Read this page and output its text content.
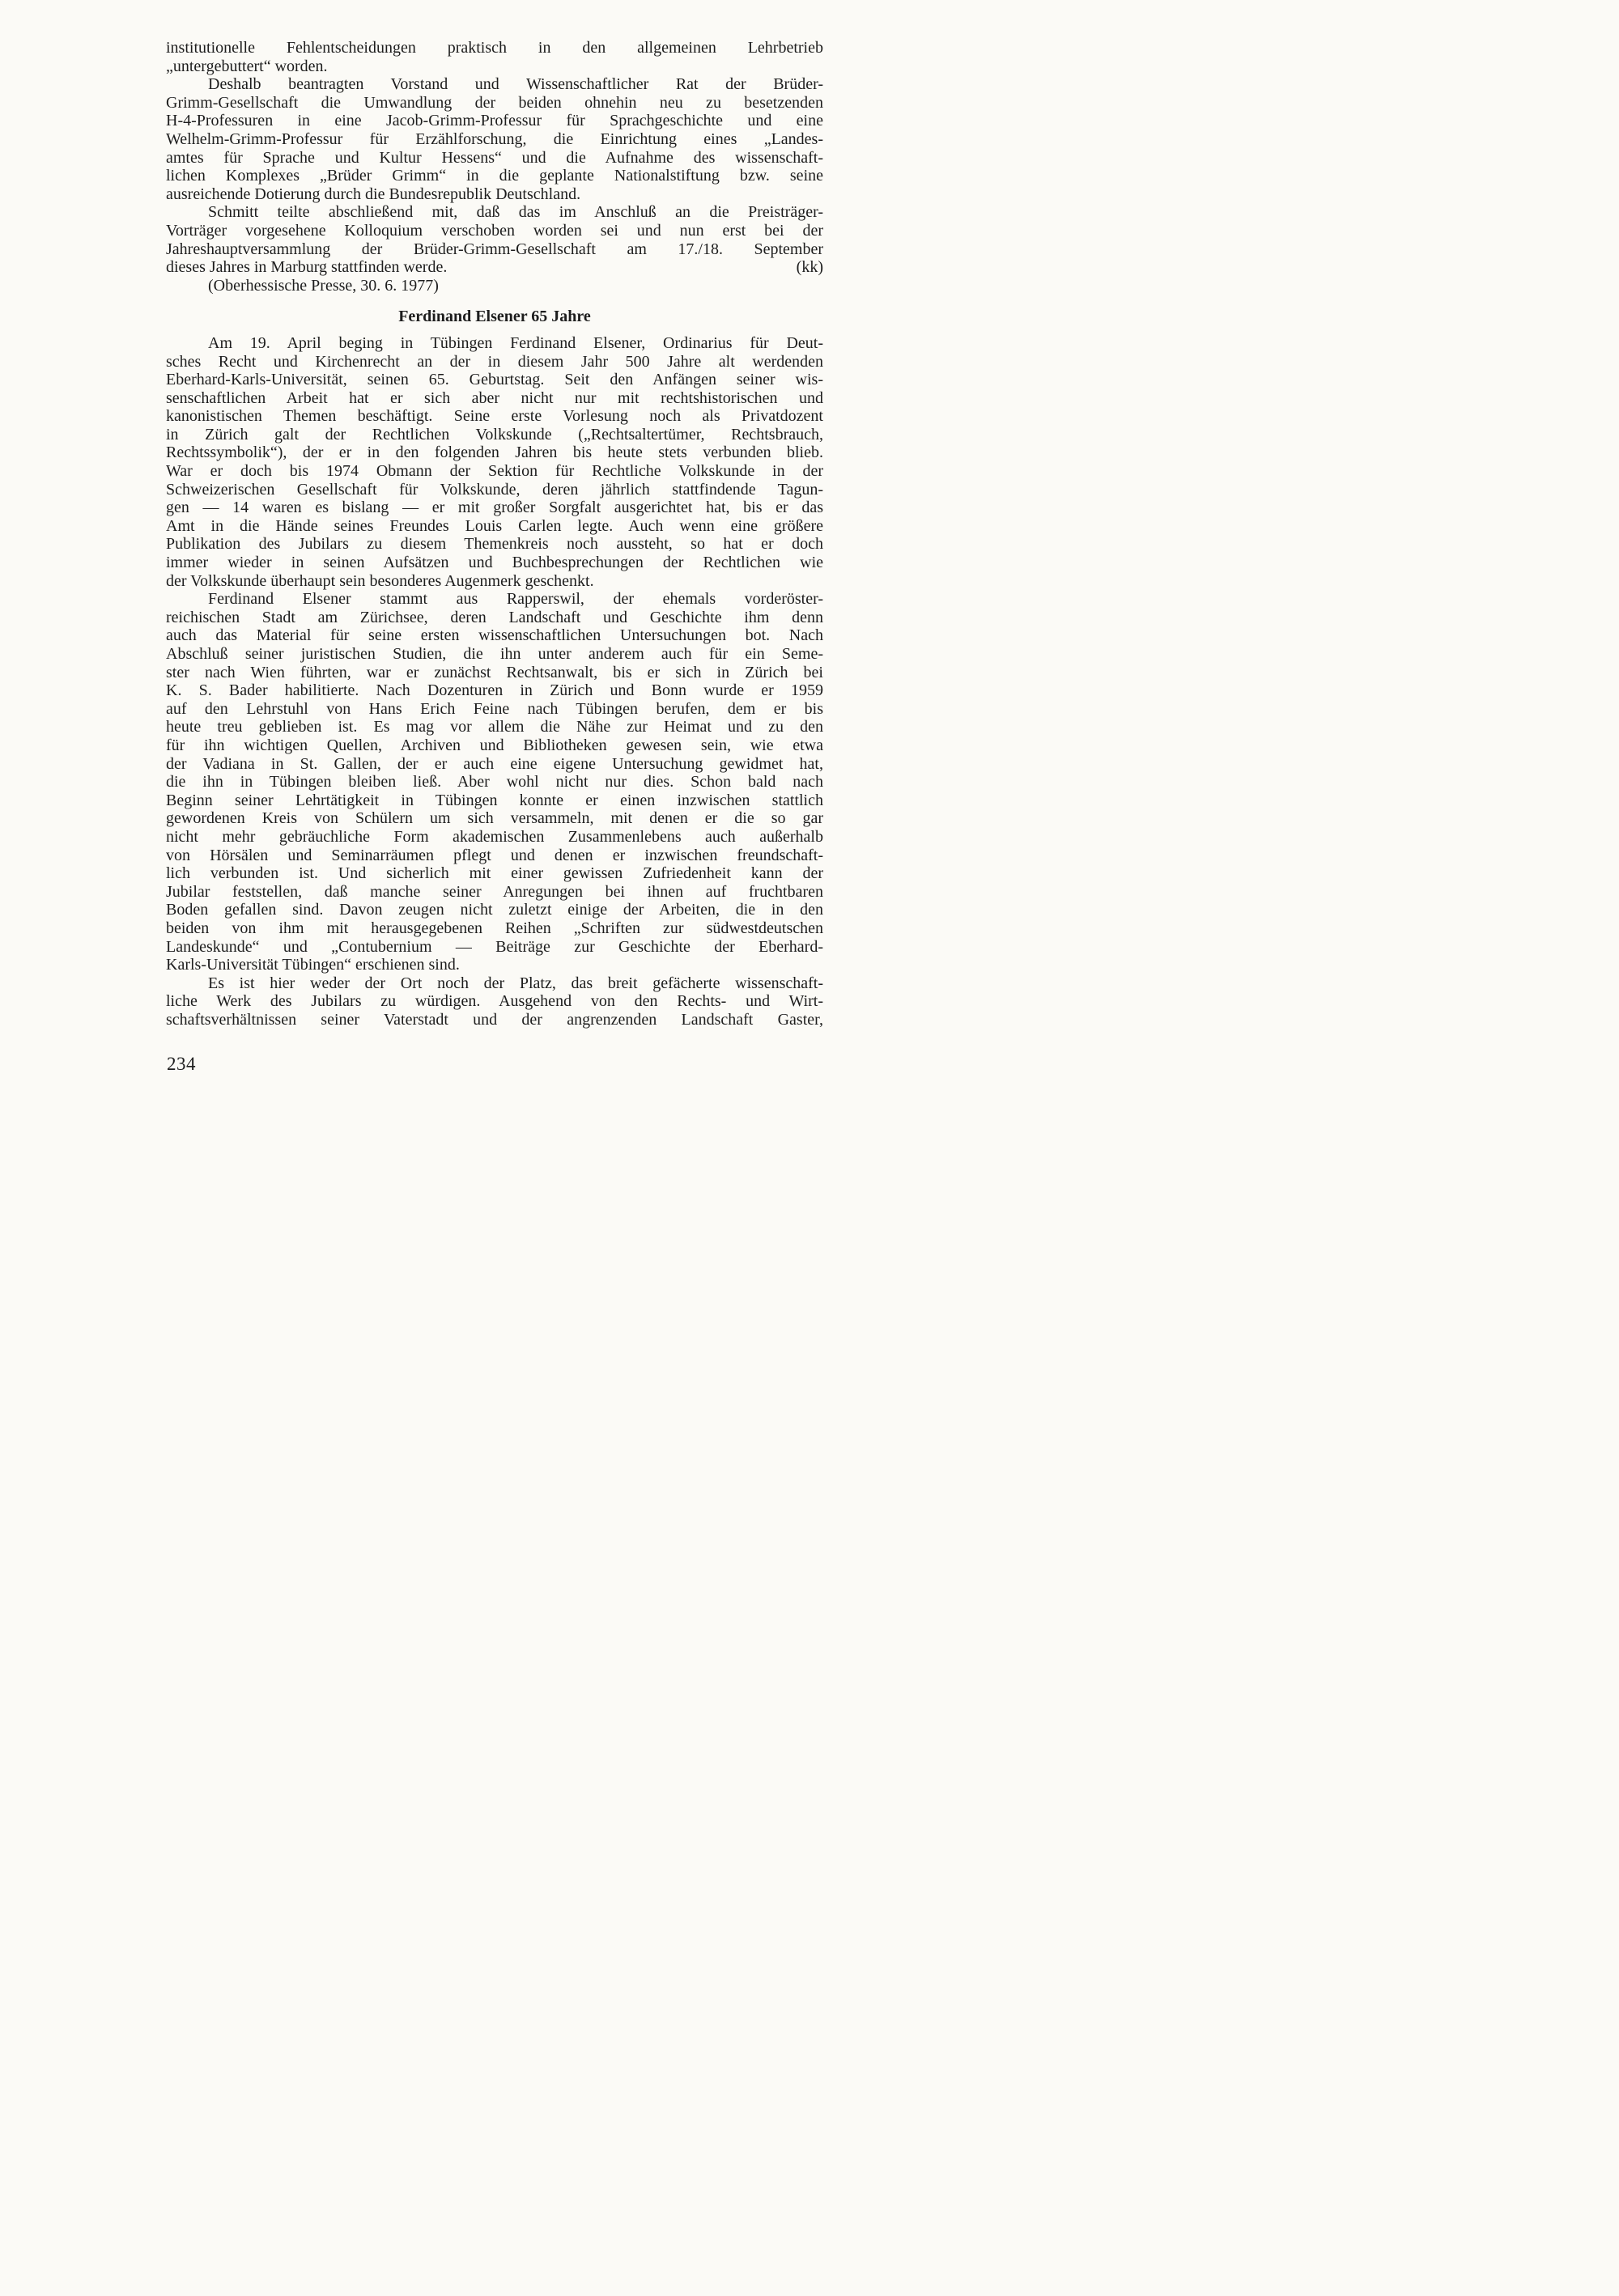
institutionelle Fehlentscheidungen praktisch in den allgemeinen Lehrbetrieb
„untergebuttert“ worden.
Deshalb beantragten Vorstand und Wissenschaftlicher Rat der Brüder-
Grimm-Gesellschaft die Umwandlung der beiden ohnehin neu zu besetzenden
H-4-Professuren in eine Jacob-Grimm-Professur für Sprachgeschichte und eine
Welhelm-Grimm-Professur für Erzählforschung, die Einrichtung eines „Landes-
amtes für Sprache und Kultur Hessens“ und die Aufnahme des wissenschaft-
lichen Komplexes „Brüder Grimm“ in die geplante Nationalstiftung bzw. seine
ausreichende Dotierung durch die Bundesrepublik Deutschland.
Schmitt teilte abschließend mit, daß das im Anschluß an die Preisträger-
Vorträger vorgesehene Kolloquium verschoben worden sei und nun erst bei der
Jahreshauptversammlung der Brüder-Grimm-Gesellschaft am 17./18. September
dieses Jahres in Marburg stattfinden werde.	(kk)
(Oberhessische Presse, 30. 6. 1977)
Ferdinand Elsener 65 Jahre
Am 19. April beging in Tübingen Ferdinand Elsener, Ordinarius für Deut-
sches Recht und Kirchenrecht an der in diesem Jahr 500 Jahre alt werdenden
Eberhard-Karls-Universität, seinen 65. Geburtstag. Seit den Anfängen seiner wis-
senschaftlichen Arbeit hat er sich aber nicht nur mit rechtshistorischen und
kanonistischen Themen beschäftigt. Seine erste Vorlesung noch als Privatdozent
in Zürich galt der Rechtlichen Volkskunde („Rechtsaltertümer, Rechtsbrauch,
Rechtssymbolik“), der er in den folgenden Jahren bis heute stets verbunden blieb.
War er doch bis 1974 Obmann der Sektion für Rechtliche Volkskunde in der
Schweizerischen Gesellschaft für Volkskunde, deren jährlich stattfindende Tagun-
gen — 14 waren es bislang — er mit großer Sorgfalt ausgerichtet hat, bis er das
Amt in die Hände seines Freundes Louis Carlen legte. Auch wenn eine größere
Publikation des Jubilars zu diesem Themenkreis noch aussteht, so hat er doch
immer wieder in seinen Aufsätzen und Buchbesprechungen der Rechtlichen wie
der Volkskunde überhaupt sein besonderes Augenmerk geschenkt.
Ferdinand Elsener stammt aus Rapperswil, der ehemals vorderöster-
reichischen Stadt am Zürichsee, deren Landschaft und Geschichte ihm denn
auch das Material für seine ersten wissenschaftlichen Untersuchungen bot. Nach
Abschluß seiner juristischen Studien, die ihn unter anderem auch für ein Seme-
ster nach Wien führten, war er zunächst Rechtsanwalt, bis er sich in Zürich bei
K. S. Bader habilitierte. Nach Dozenturen in Zürich und Bonn wurde er 1959
auf den Lehrstuhl von Hans Erich Feine nach Tübingen berufen, dem er bis
heute treu geblieben ist. Es mag vor allem die Nähe zur Heimat und zu den
für ihn wichtigen Quellen, Archiven und Bibliotheken gewesen sein, wie etwa
der Vadiana in St. Gallen, der er auch eine eigene Untersuchung gewidmet hat,
die ihn in Tübingen bleiben ließ. Aber wohl nicht nur dies. Schon bald nach
Beginn seiner Lehrtätigkeit in Tübingen konnte er einen inzwischen stattlich
gewordenen Kreis von Schülern um sich versammeln, mit denen er die so gar
nicht mehr gebräuchliche Form akademischen Zusammenlebens auch außerhalb
von Hörsälen und Seminarräumen pflegt und denen er inzwischen freundschaft-
lich verbunden ist. Und sicherlich mit einer gewissen Zufriedenheit kann der
Jubilar feststellen, daß manche seiner Anregungen bei ihnen auf fruchtbaren
Boden gefallen sind. Davon zeugen nicht zuletzt einige der Arbeiten, die in den
beiden von ihm mit herausgegebenen Reihen „Schriften zur südwestdeutschen
Landeskunde“ und „Contubernium — Beiträge zur Geschichte der Eberhard-
Karls-Universität Tübingen“ erschienen sind.
Es ist hier weder der Ort noch der Platz, das breit gefächerte wissenschaft-
liche Werk des Jubilars zu würdigen. Ausgehend von den Rechts- und Wirt-
schaftsverhältnissen seiner Vaterstadt und der angrenzenden Landschaft Gaster,
234
